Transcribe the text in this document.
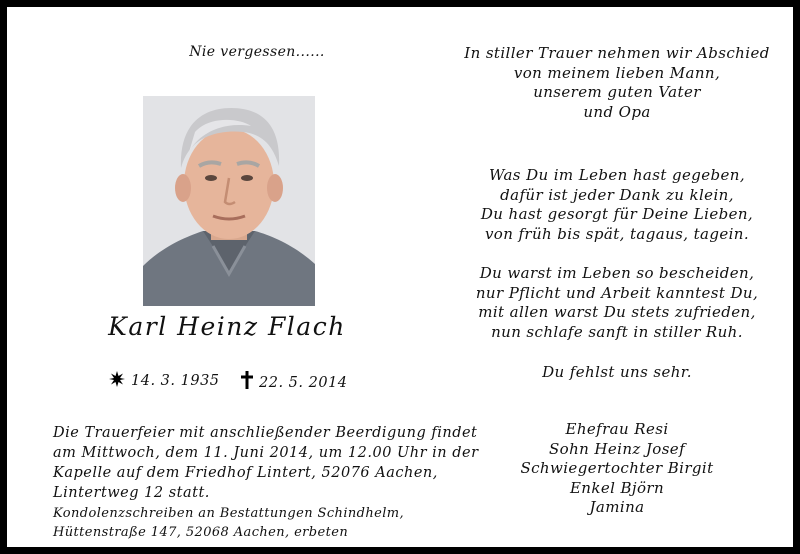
Nie vergessen......
Karl Heinz Flach
14. 3. 1935	22. 5. 2014
In stiller Trauer nehmen wir Abschied
von meinem lieben Mann,
unserem guten Vater
und Opa
Was Du im Leben hast gegeben,
dafür ist jeder Dank zu klein,
Du hast gesorgt für Deine Lieben,
von früh bis spät, tagaus, tagein.
Du warst im Leben so bescheiden,
nur Pflicht und Arbeit kanntest Du,
mit allen warst Du stets zufrieden,
nun schlafe sanft in stiller Ruh.
Du fehlst uns sehr.
Ehefrau Resi
Sohn Heinz Josef
Schwiegertochter Birgit
Enkel Björn
Jamina
Die Trauerfeier mit anschließender Beerdigung findet
am Mittwoch, dem 11. Juni 2014, um 12.00 Uhr in der
Kapelle auf dem Friedhof Lintert, 52076 Aachen,
Lintertweg 12 statt.
Kondolenzschreiben an Bestattungen Schindhelm,
Hüttenstraße 147, 52068 Aachen, erbeten
